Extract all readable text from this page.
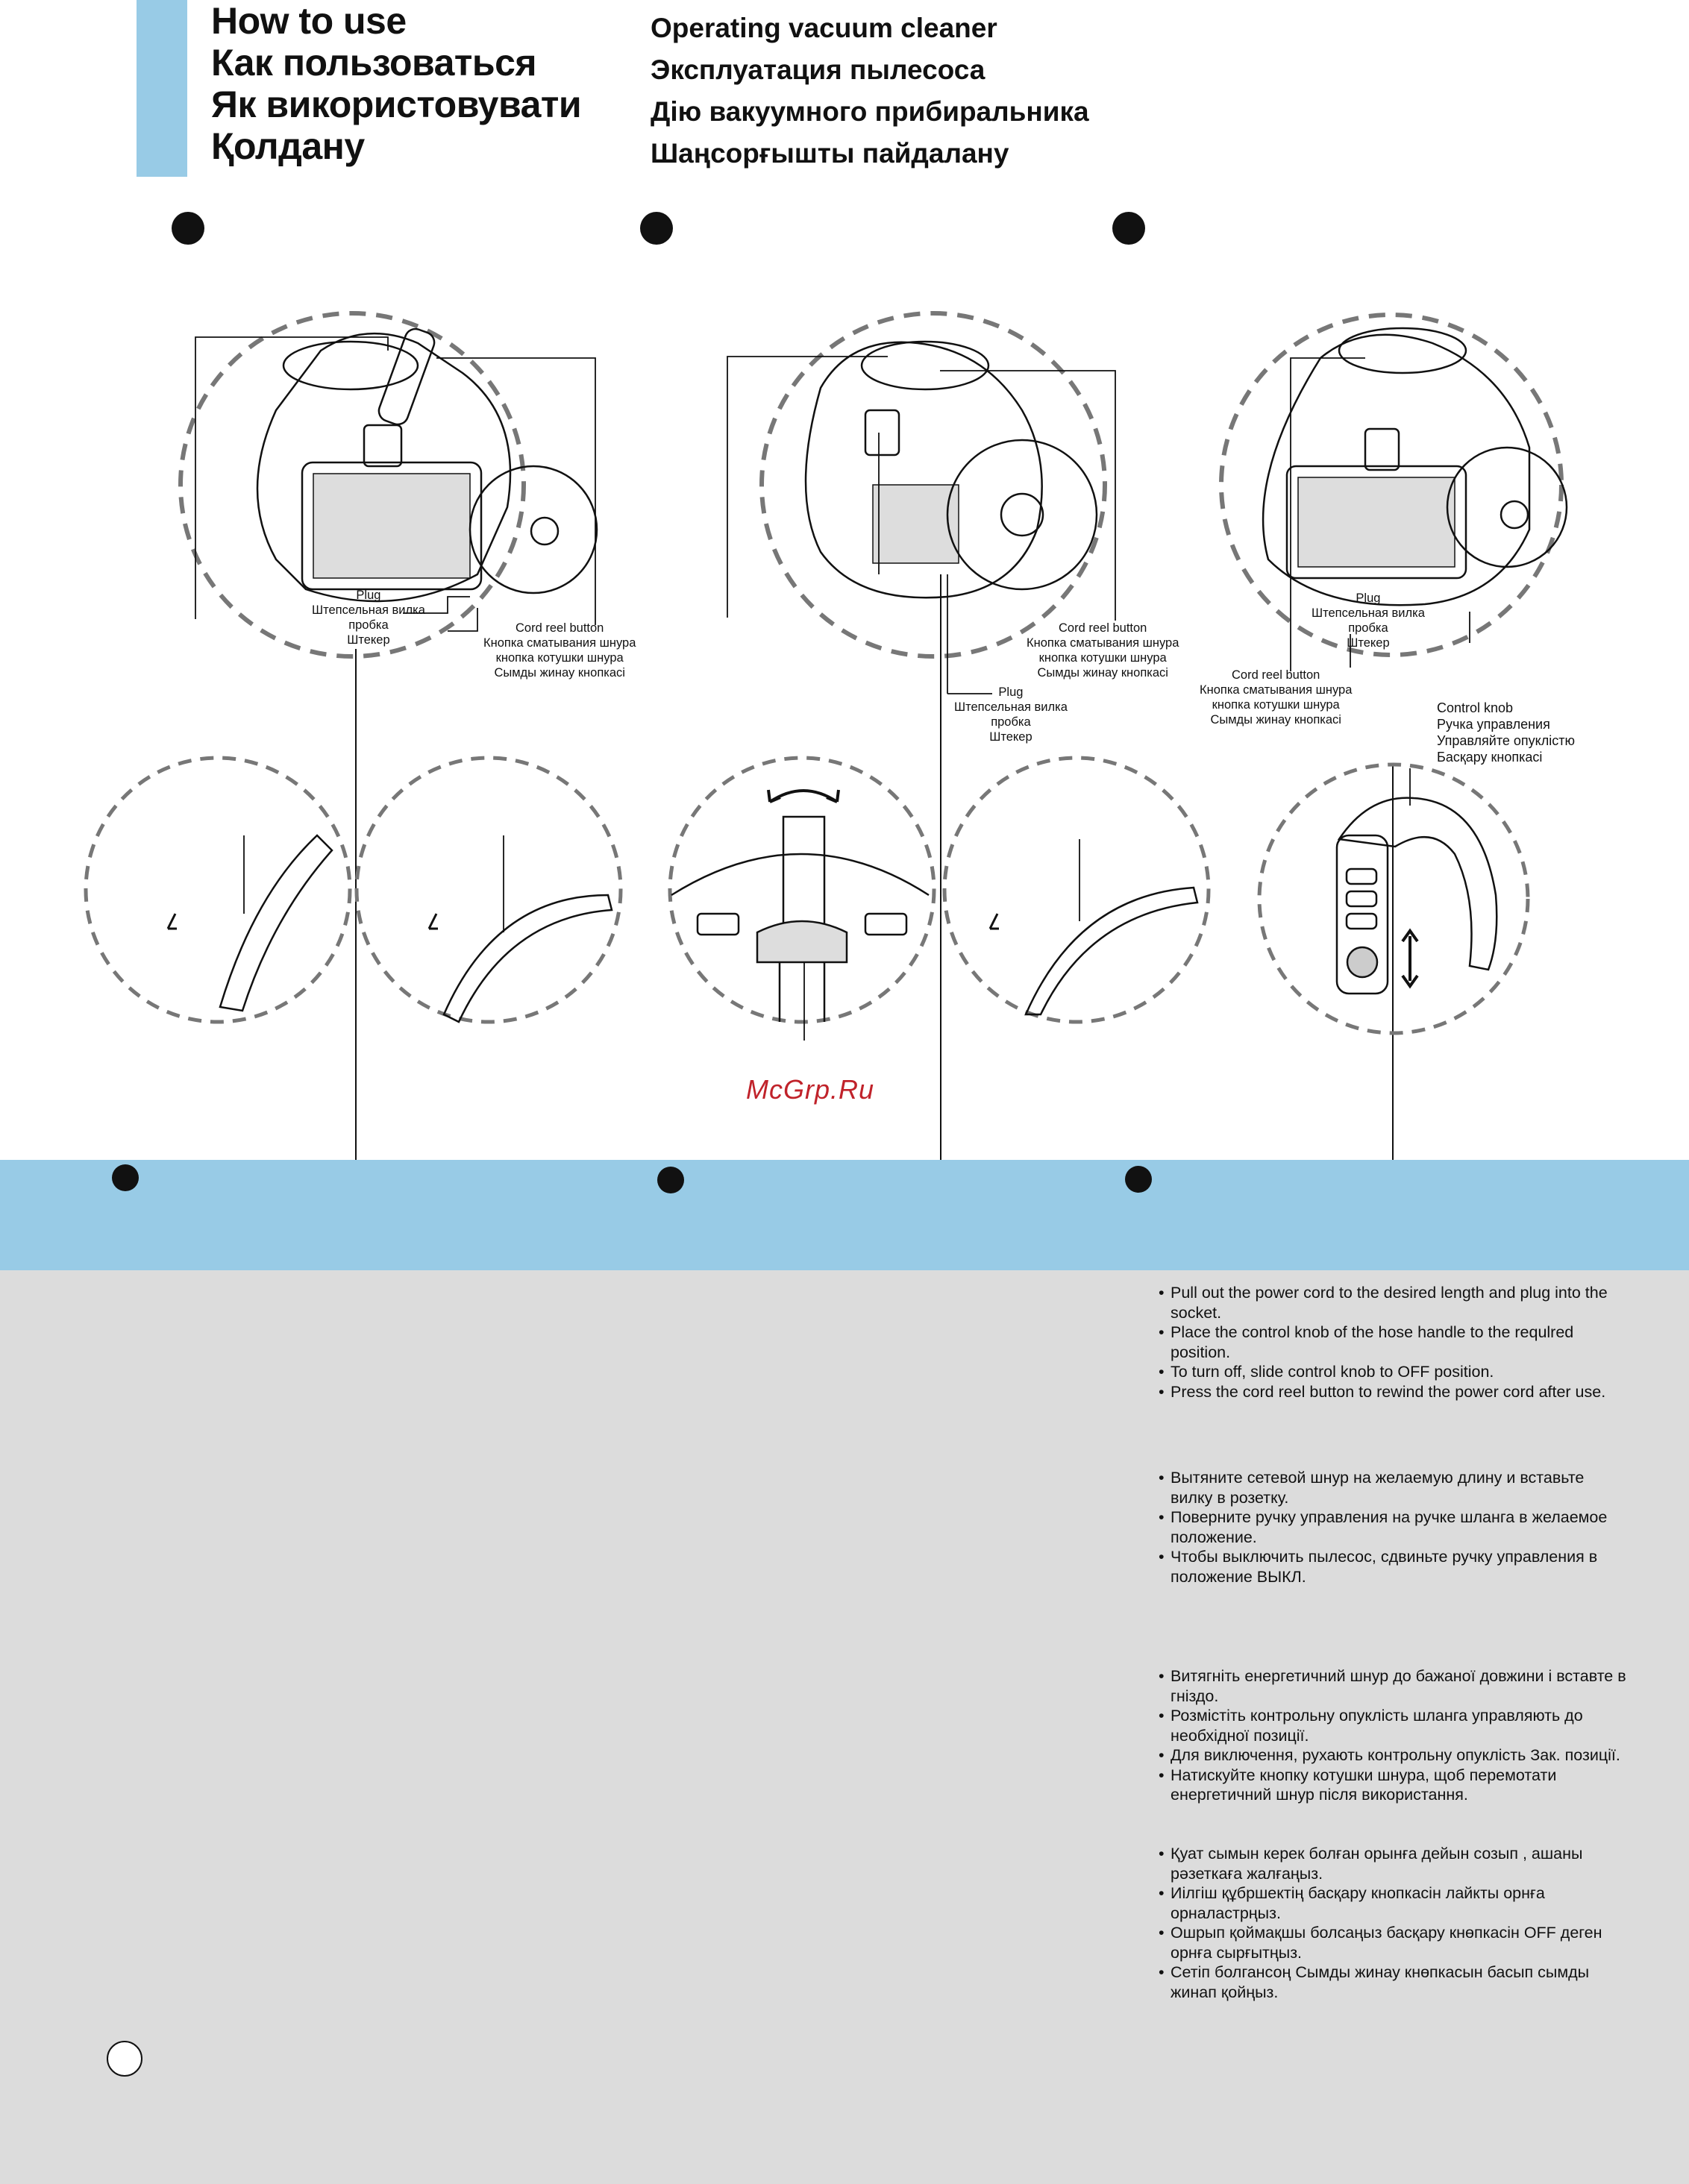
How to use
Как пользоваться
Як використовувати
Қолдану
Operating vacuum cleaner
Эксплуатация пылесоса
Дію вакуумного прибиральника
Шаңсорғышты пайдалану
Plug
Штепсельная вилка
пробка
Штекер
Cord reel button
Кнопка сматывания шнура
кнопка котушки шнура
Сымды жинау кнопкасі
Cord reel button
Кнопка сматывания шнура
кнопка котушки шнура
Сымды жинау кнопкасі
Plug
Штепсельная вилка
пробка
Штекер
Plug
Штепсельная вилка
пробка
Штекер
Cord reel button
Кнопка сматывания шнура
кнопка котушки шнура
Сымды жинау кнопкасі
Control knob
Ручка управления
Управляйте опуклістю
Басқару кнопкасі
McGrp.Ru
• Pull out the power cord to the desired length and plug into the socket.
• Place the control knob of the hose handle to the requlred position.
• To turn off, slide control knob to OFF position.
• Press the cord reel button to rewind the power cord after use.
• Вытяните сетевой шнур на желаемую длину и вставьте вилку в розетку.
• Поверните ручку управления на ручке шланга в желаемое положение.
• Чтобы выключить пылесос, сдвиньте ручку управления в положение ВЫКЛ.
• Витягніть енергетичний шнур до бажаної довжини і вставте в гніздо.
• Розмістіть контрольну опуклість шланга управляють до необхідної позиції.
• Для виключення, рухають контрольну опуклість Зак. позиції.
• Натискуйте кнопку котушки шнура, щоб перемотати енергетичний шнур після використання.
• Қуат сымын керек болған орынға дейын созып , ашаны рәзеткаға жалғаңыз.
• Иілгіш құбршектің басқару кнопкасін лайкты орнға орналастрңыз.
• Ошрып қоймақшы болсаңыз басқару кнөпкасін OFF деген орнға сырғытңыз.
• Сетіп болгансоң Сымды жинау кнөпкасын басып сымды жинап қойңыз.
